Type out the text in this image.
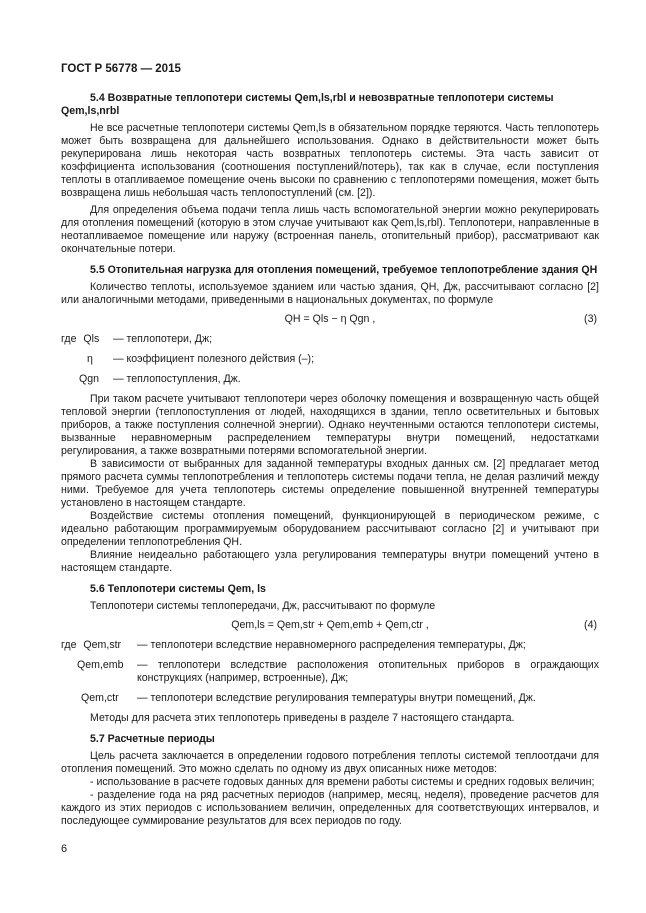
ГОСТ Р 56778 — 2015
5.4 Возвратные теплопотери системы Qem,ls,rbl и невозвратные теплопотери системы Qem,ls,nrbl

Не все расчетные теплопотери системы Qem,ls в обязательном порядке теряются. Часть теплопотерь может быть возвращена для дальнейшего использования. Однако в действительности может быть рекуперирована лишь некоторая часть возвратных теплопотерь системы. Эта часть зависит от коэффициента использования (соотношения поступлений/потерь), так как в случае, если поступления теплоты в отапливаемое помещение очень высоки по сравнению с теплопотерями помещения, может быть возвращена лишь небольшая часть теплопоступлений (см. [2]).

Для определения объема подачи тепла лишь часть вспомогательной энергии можно рекуперировать для отопления помещений (которую в этом случае учитывают как Qem,ls,rbl). Теплопотери, направленные в неотапливаемое помещение или наружу (встроенная панель, отопительный прибор), рассматривают как окончательные потери.

5.5 Отопительная нагрузка для отопления помещений, требуемое теплопотребление здания QН

Количество теплоты, используемое зданием или частью здания, QН, Дж, рассчитывают согласно [2] или аналогичными методами, приведенными в национальных документах, по формуле

QН = Qls − η Qgn ,	(3)
где Qls — теплопотери, Дж;
η — коэффициент полезного действия (–);
Qgn — теплопоступления, Дж.

При таком расчете учитывают теплопотери через оболочку помещения и возвращенную часть общей тепловой энергии (теплопоступления от людей, находящихся в здании, тепло осветительных и бытовых приборов, а также поступления солнечной энергии). Однако неучтенными остаются теплопотери системы, вызванные неравномерным распределением температуры внутри помещений, недостатками регулирования, а также возвратными потерями вспомогательной энергии.

В зависимости от выбранных для заданной температуры входных данных см. [2] предлагает метод прямого расчета суммы теплопотребления и теплопотерь системы подачи тепла, не делая различий между ними. Требуемое для учета теплопотерь системы определение повышенной внутренней температуры установлено в настоящем стандарте.

Воздействие системы отопления помещений, функционирующей в периодическом режиме, с идеально работающим программируемым оборудованием рассчитывают согласно [2] и учитывают при определении теплопотребления QН.

Влияние неидеально работающего узла регулирования температуры внутри помещений учтено в настоящем стандарте.

5.6 Теплопотери системы Qem, ls

Теплопотери системы теплопередачи, Дж, рассчитывают по формуле

Qem,ls = Qem,str + Qem,emb + Qem,ctr ,	(4)
где Qem,str — теплопотери вследствие неравномерного распределения температуры, Дж;
Qem,emb — теплопотери вследствие расположения отопительных приборов в ограждающих конструкциях (например, встроенные), Дж;
Qem,ctr — теплопотери вследствие регулирования температуры внутри помещений, Дж.

Методы для расчета этих теплопотерь приведены в разделе 7 настоящего стандарта.

5.7 Расчетные периоды

Цель расчета заключается в определении годового потребления теплоты системой теплоотдачи для отопления помещений. Это можно сделать по одному из двух описанных ниже методов:

- использование в расчете годовых данных для времени работы системы и средних годовых величин;

- разделение года на ряд расчетных периодов (например, месяц, неделя), проведение расчетов для каждого из этих периодов с использованием величин, определенных для соответствующих интервалов, и последующее суммирование результатов для всех периодов по году.

6
